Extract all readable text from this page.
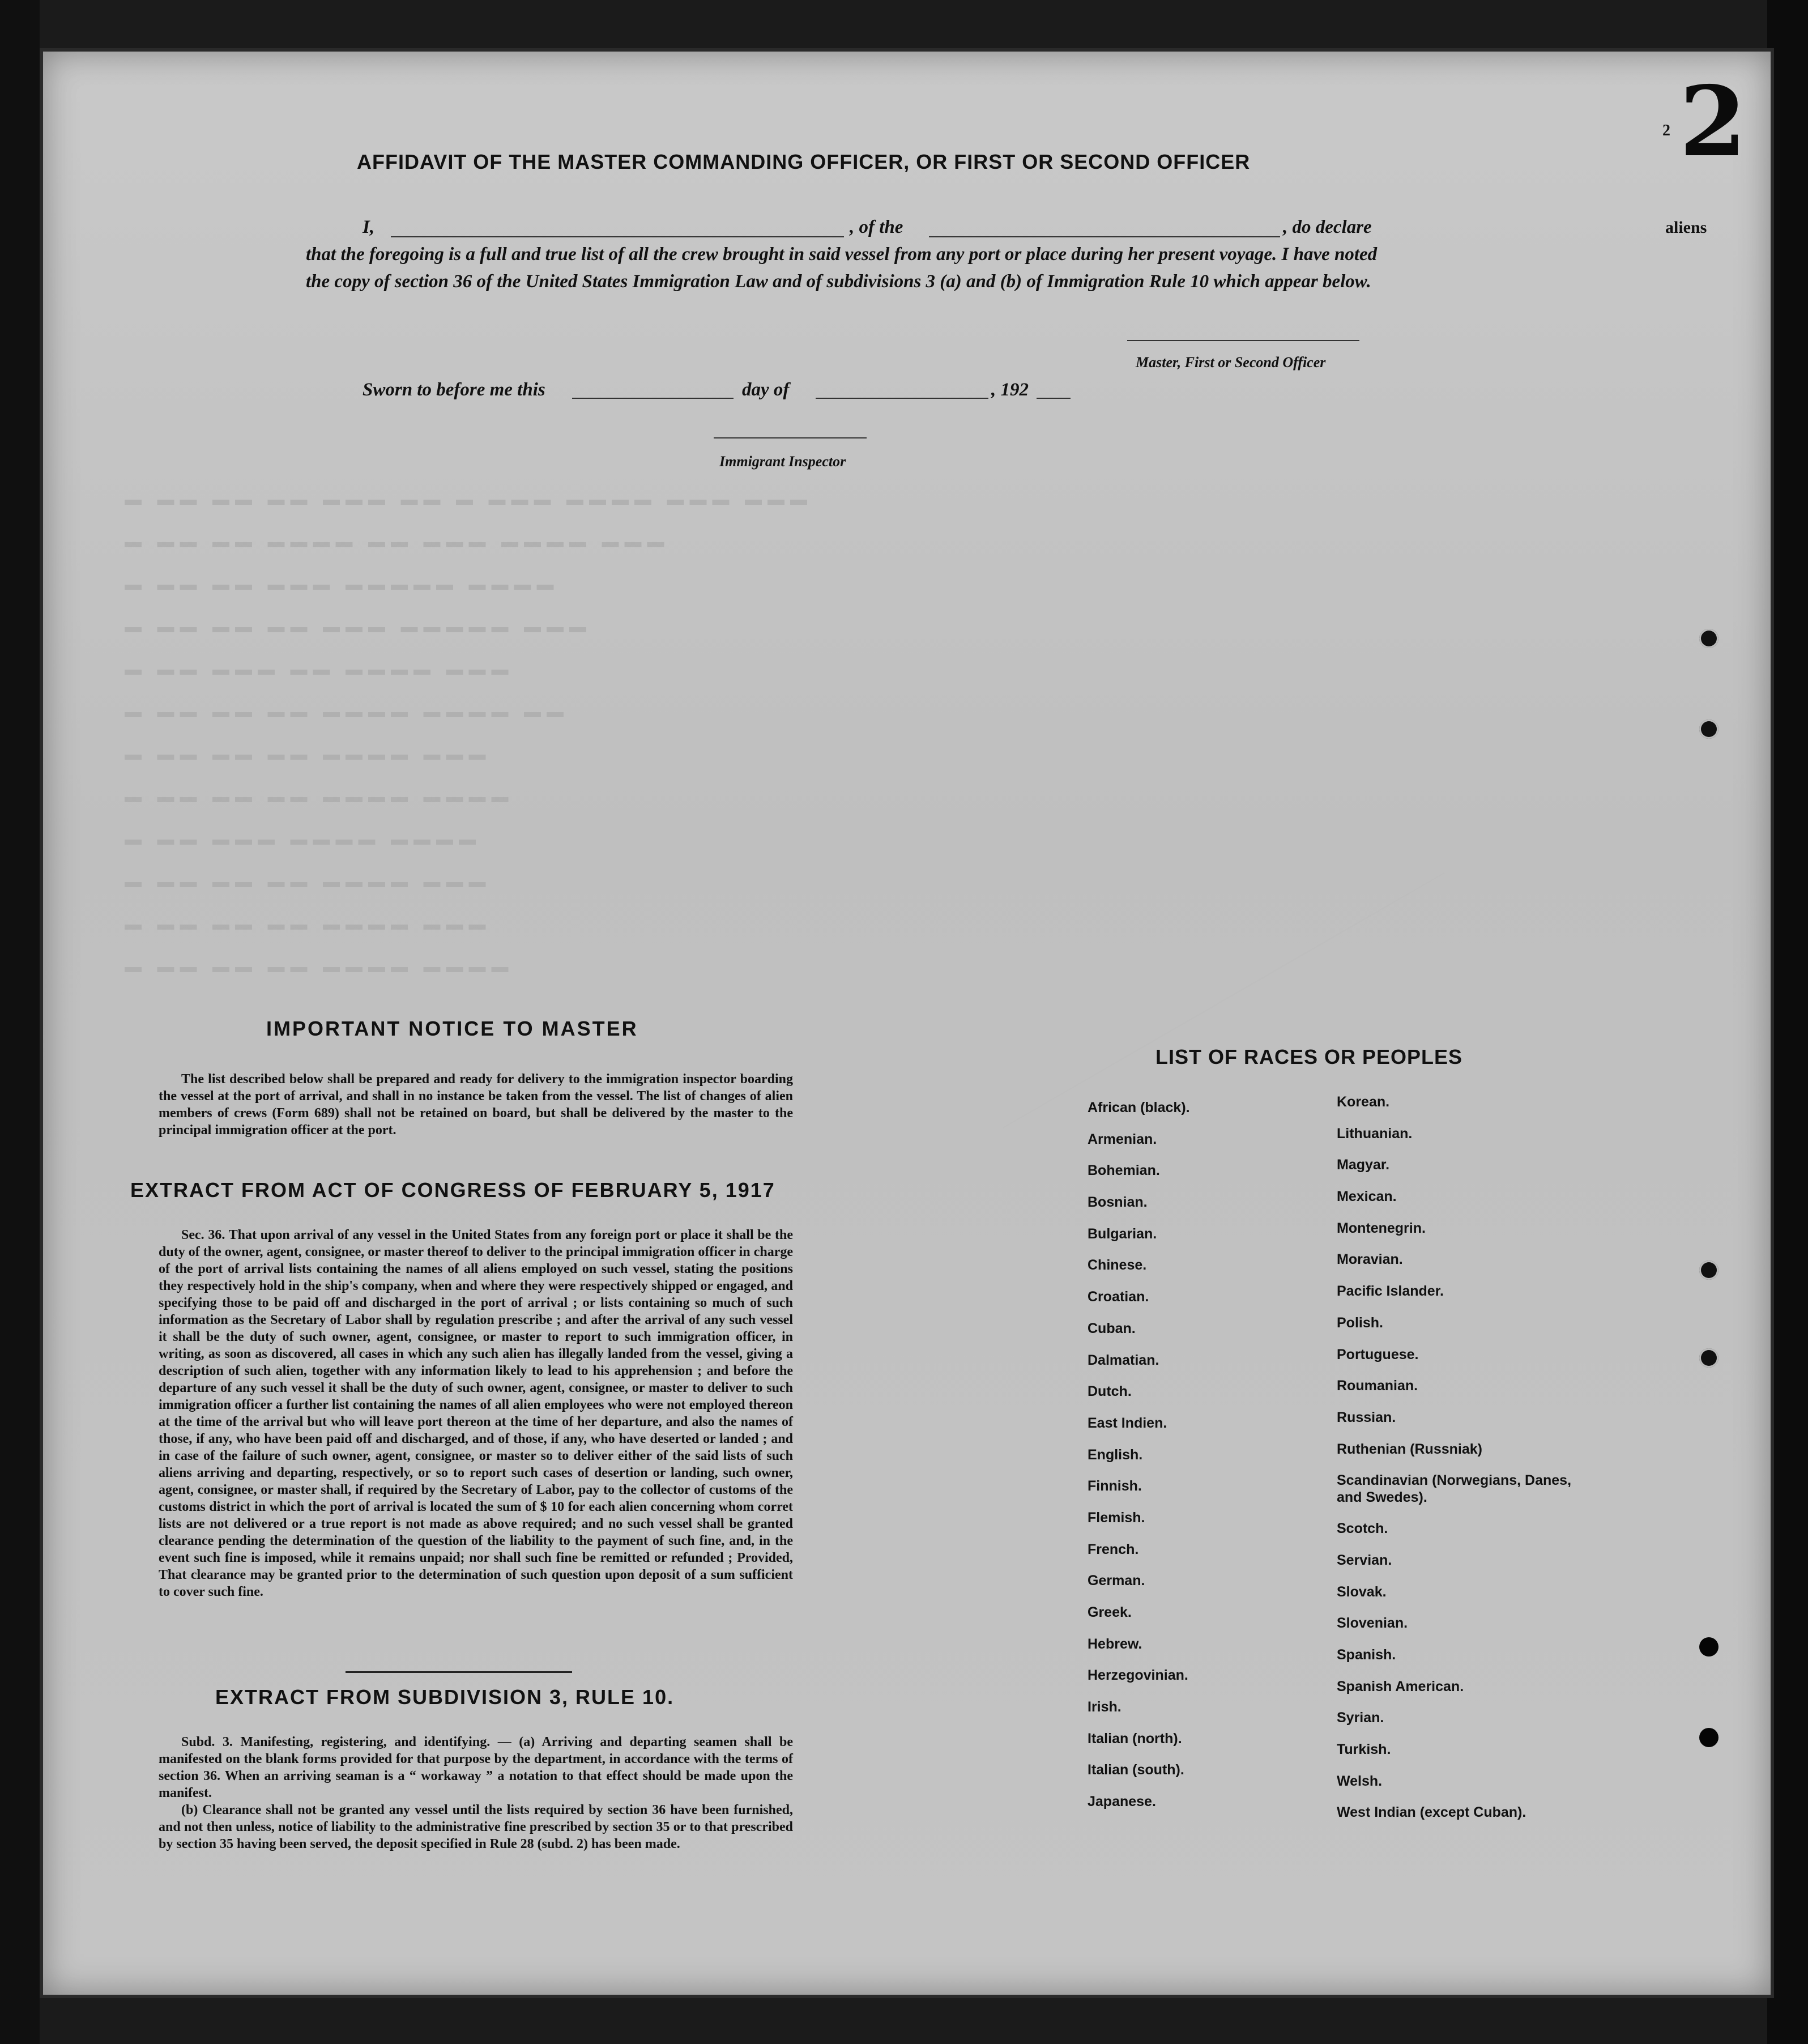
▬ ▬▬ ▬▬ ▬▬ ▬▬▬ ▬▬ ▬ ▬▬▬ ▬▬▬▬ ▬▬▬ ▬▬▬
▬ ▬▬ ▬▬ ▬▬▬▬ ▬▬ ▬▬▬ ▬▬▬▬ ▬▬▬
▬ ▬▬ ▬▬ ▬▬▬ ▬▬▬▬▬ ▬▬▬▬
▬ ▬▬ ▬▬ ▬▬ ▬▬▬ ▬▬▬▬▬ ▬▬▬
▬ ▬▬ ▬▬▬ ▬▬ ▬▬▬▬ ▬▬▬
▬ ▬▬ ▬▬ ▬▬ ▬▬▬▬ ▬▬▬▬ ▬▬
▬ ▬▬ ▬▬ ▬▬ ▬▬▬▬ ▬▬▬
▬ ▬▬ ▬▬ ▬▬ ▬▬▬▬ ▬▬▬▬
▬ ▬▬ ▬▬▬ ▬▬▬▬ ▬▬▬▬
▬ ▬▬ ▬▬ ▬▬ ▬▬▬▬ ▬▬▬
▬ ▬▬ ▬▬ ▬▬ ▬▬▬▬ ▬▬▬
▬ ▬▬ ▬▬ ▬▬ ▬▬▬▬ ▬▬▬▬
2
2
aliens
AFFIDAVIT OF THE MASTER COMMANDING OFFICER, OR FIRST OR SECOND OFFICER
I,	, of the	, do declare
that the foregoing is a full and true list of all the crew brought in said vessel from any port or place during her present voyage. I have noted the copy of section 36 of the United States Immigration Law and of subdivisions 3 (a) and (b) of Immigration Rule 10 which appear below.
Master, First or Second Officer
Sworn to before me this	day of	, 192
Immigrant Inspector
IMPORTANT NOTICE TO MASTER
The list described below shall be prepared and ready for delivery to the immigration inspector boarding the vessel at the port of arrival, and shall in no instance be taken from the vessel. The list of changes of alien members of crews (Form 689) shall not be retained on board, but shall be delivered by the master to the principal immigration officer at the port.
EXTRACT FROM ACT OF CONGRESS OF FEBRUARY 5, 1917
Sec. 36. That upon arrival of any vessel in the United States from any foreign port or place it shall be the duty of the owner, agent, consignee, or master thereof to deliver to the principal immigration officer in charge of the port of arrival lists containing the names of all aliens employed on such vessel, stating the positions they respectively hold in the ship's company, when and where they were respectively shipped or engaged, and specifying those to be paid off and discharged in the port of arrival ; or lists containing so much of such information as the Secretary of Labor shall by regulation prescribe ; and after the arrival of any such vessel it shall be the duty of such owner, agent, consignee, or master to report to such immigration officer, in writing, as soon as discovered, all cases in which any such alien has illegally landed from the vessel, giving a description of such alien, together with any information likely to lead to his apprehension ; and before the departure of any such vessel it shall be the duty of such owner, agent, consignee, or master to deliver to such immigration officer a further list containing the names of all alien employees who were not employed thereon at the time of the arrival but who will leave port thereon at the time of her departure, and also the names of those, if any, who have been paid off and discharged, and of those, if any, who have deserted or landed ; and in case of the failure of such owner, agent, consignee, or master so to deliver either of the said lists of such aliens arriving and departing, respectively, or so to report such cases of desertion or landing, such owner, agent, consignee, or master shall, if required by the Secretary of Labor, pay to the collector of customs of the customs district in which the port of arrival is located the sum of $ 10 for each alien concerning whom corret lists are not delivered or a true report is not made as above required; and no such vessel shall be granted clearance pending the determination of the question of the liability to the payment of such fine, and, in the event such fine is imposed, while it remains unpaid; nor shall such fine be remitted or refunded ; Provided, That clearance may be granted prior to the determination of such question upon deposit of a sum sufficient to cover such fine.
EXTRACT FROM SUBDIVISION 3, RULE 10.

Subd. 3. Manifesting, registering, and identifying. — (a) Arriving and departing seamen shall be manifested on the blank forms provided for that purpose by the department, in accordance with the terms of section 36. When an arriving seaman is a “ workaway ” a notation to that effect should be made upon the manifest.

(b) Clearance shall not be granted any vessel until the lists required by section 36 have been furnished, and not then unless, notice of liability to the administrative fine prescribed by section 35 or to that prescribed by section 35 having been served, the deposit specified in Rule 28 (subd. 2) has been made.

LIST OF RACES OR PEOPLES
African (black).
Armenian.
Bohemian.
Bosnian.
Bulgarian.
Chinese.
Croatian.
Cuban.
Dalmatian.
Dutch.
East Indien.
English.
Finnish.
Flemish.
French.
German.
Greek.
Hebrew.
Herzegovinian.
Irish.
Italian (north).
Italian (south).
Japanese.
Korean.
Lithuanian.
Magyar.
Mexican.
Montenegrin.
Moravian.
Pacific Islander.
Polish.
Portuguese.
Roumanian.
Russian.
Ruthenian (Russniak)
Scandinavian (Norwegians, Danes, and Swedes).
Scotch.
Servian.
Slovak.
Slovenian.
Spanish.
Spanish American.
Syrian.
Turkish.
Welsh.
West Indian (except Cuban).
